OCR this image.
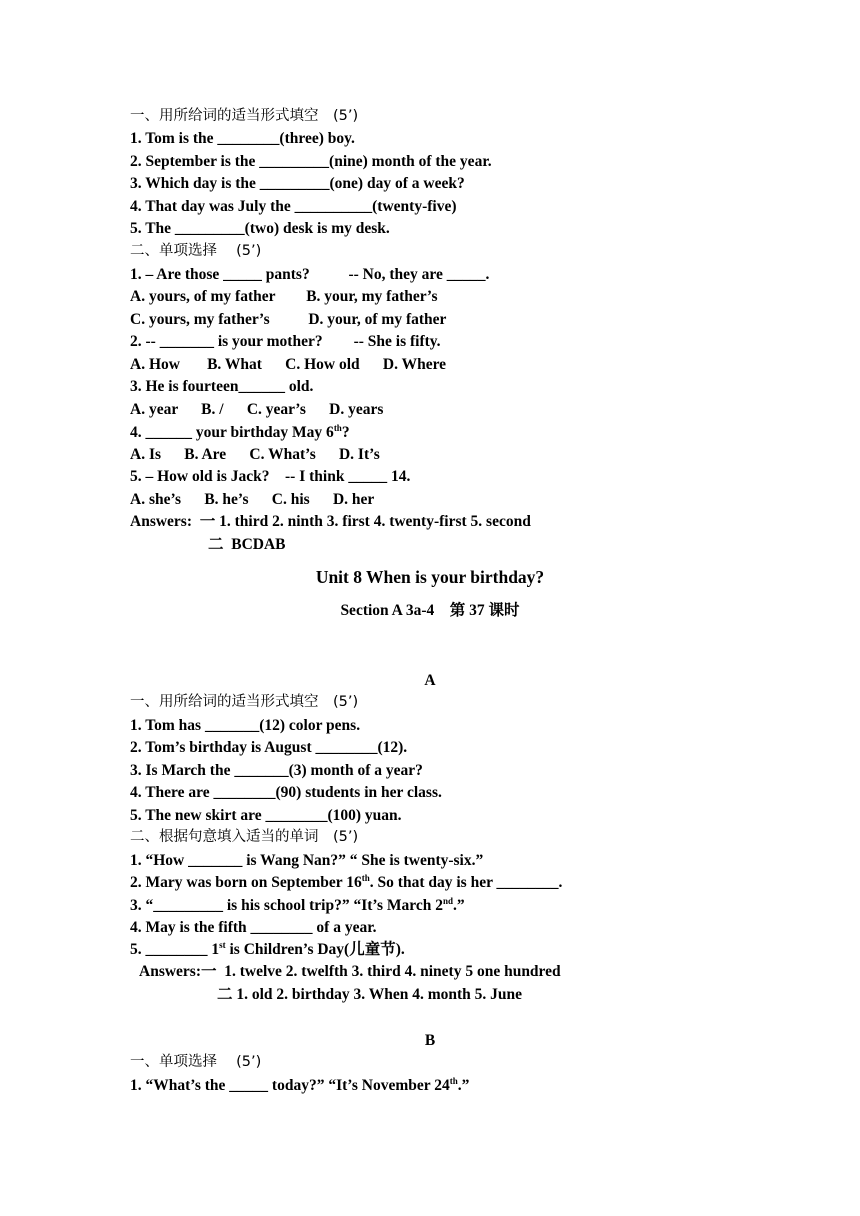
一、用所给词的适当形式填空　(5’)
1. Tom is the ________(three) boy.
2. September is the _________(nine) month of the year.
3. Which day is the _________(one) day of a week?
4. That day was July the __________(twenty-five)
5. The _________(two) desk is my desk.
二、单项选择　 (5’)
1. – Are those _____ pants?          -- No, they are _____.
A. yours, of my father        B. your, my father’s
C. yours, my father’s          D. your, of my father
2. -- _______ is your mother?        -- She is fifty.
A. How       B. What      C. How old      D. Where
3. He is fourteen______ old.
A. year      B. /      C. year’s      D. years
4. ______ your birthday May 6th?
A. Is      B. Are      C. What’s      D. It’s
5. – How old is Jack?    -- I think _____ 14.
A. she’s      B. he’s      C. his      D. her
Answers:  一 1. third 2. ninth 3. first 4. twenty-first 5. second
二  BCDAB
Unit 8 When is your birthday?
Section A 3a-4　第 37 课时
A
一、用所给词的适当形式填空　(5’)
1. Tom has _______(12) color pens.
2. Tom’s birthday is August ________(12).
3. Is March the _______(3) month of a year?
4. There are ________(90) students in her class.
5. The new skirt are ________(100) yuan.
二、根据句意填入适当的单词　(5’)
1. “How _______ is Wang Nan?” “ She is twenty-six.”
2. Mary was born on September 16th. So that day is her ________.
3. “_________ is his school trip?” “It’s March 2nd.”
4. May is the fifth ________ of a year.
5. ________ 1st is Children’s Day(儿童节).
Answers:一  1. twelve 2. twelfth 3. third 4. ninety 5 one hundred
二 1. old 2. birthday 3. When 4. month 5. June
B
一、单项选择　 (5’)
1. “What’s the _____ today?” “It’s November 24th.”
